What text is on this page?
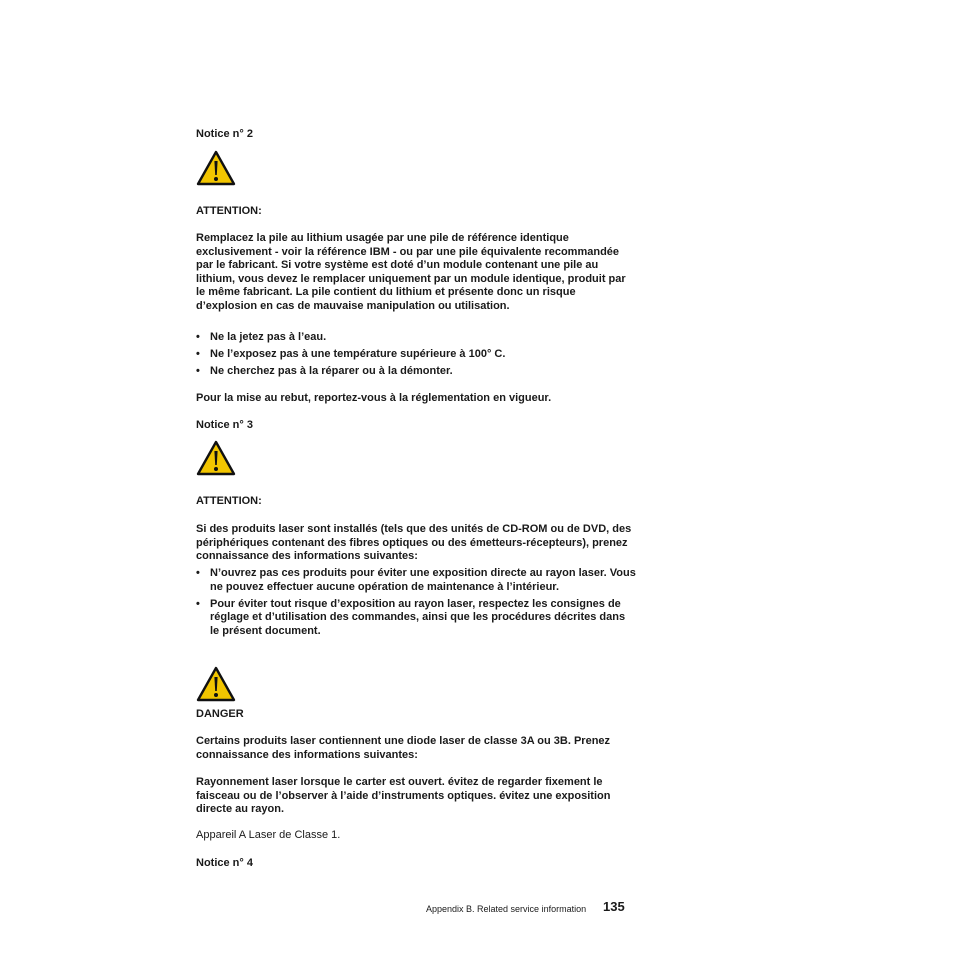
Notice n° 2

ATTENTION:

Remplacez la pile au lithium usagée par une pile de référence identique exclusivement - voir la référence IBM - ou par une pile équivalente recommandée par le fabricant. Si votre système est doté d’un module contenant une pile au lithium, vous devez le remplacer uniquement par un module identique, produit par le même fabricant. La pile contient du lithium et présente donc un risque d’explosion en cas de mauvaise manipulation ou utilisation.

• Ne la jetez pas à l’eau.
• Ne l’exposez pas à une température supérieure à 100° C.
• Ne cherchez pas à la réparer ou à la démonter.

Pour la mise au rebut, reportez-vous à la réglementation en vigueur.

Notice n° 3

ATTENTION:

Si des produits laser sont installés (tels que des unités de CD-ROM ou de DVD, des périphériques contenant des fibres optiques ou des émetteurs-récepteurs), prenez connaissance des informations suivantes:

• N’ouvrez pas ces produits pour éviter une exposition directe au rayon laser. Vous ne pouvez effectuer aucune opération de maintenance à l’intérieur.
• Pour éviter tout risque d’exposition au rayon laser, respectez les consignes de réglage et d’utilisation des commandes, ainsi que les procédures décrites dans le présent document.

DANGER

Certains produits laser contiennent une diode laser de classe 3A ou 3B. Prenez connaissance des informations suivantes:

Rayonnement laser lorsque le carter est ouvert. évitez de regarder fixement le faisceau ou de l’observer à l’aide d’instruments optiques. évitez une exposition directe au rayon.

Appareil A Laser de Classe 1.

Notice n° 4

Appendix B. Related service information 135
